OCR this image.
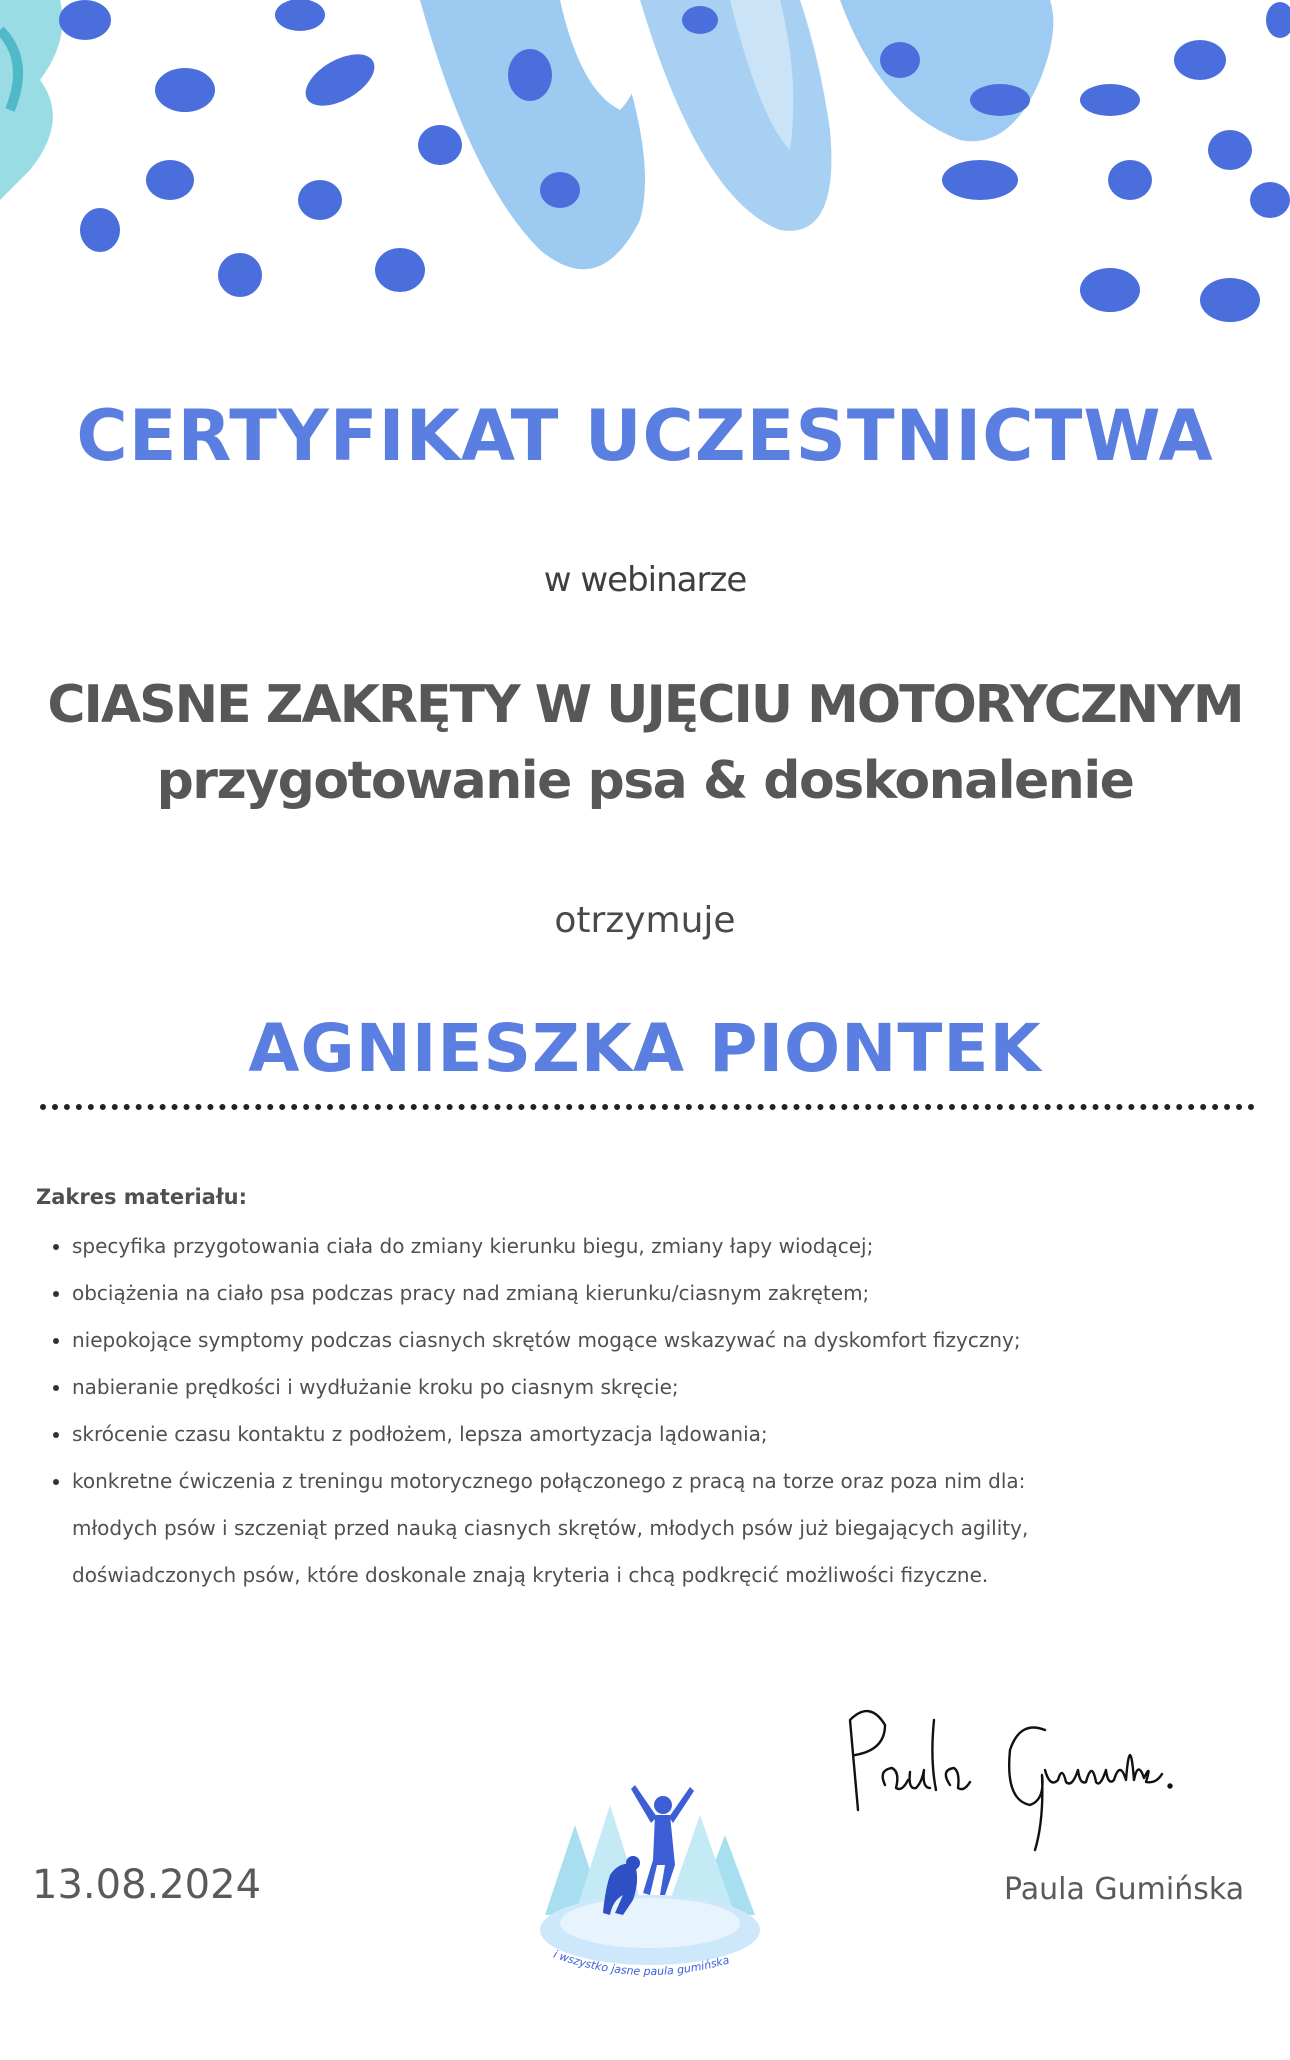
CERTYFIKAT UCZESTNICTWA
w webinarze
CIASNE ZAKRĘTY W UJĘCIU MOTORYCZNYM
przygotowanie psa & doskonalenie
otrzymuje
AGNIESZKA PIONTEK
Zakres materiału:
• specyfika przygotowania ciała do zmiany kierunku biegu, zmiany łapy wiodącej;
• obciążenia na ciało psa podczas pracy nad zmianą kierunku/ciasnym zakrętem;
• niepokojące symptomy podczas ciasnych skrętów mogące wskazywać na dyskomfort fizyczny;
• nabieranie prędkości i wydłużanie kroku po ciasnym skręcie;
• skrócenie czasu kontaktu z podłożem, lepsza amortyzacja lądowania;
• konkretne ćwiczenia z treningu motorycznego połączonego z pracą na torze oraz poza nim dla:
młodych psów i szczeniąt przed nauką ciasnych skrętów, młodych psów już biegających agility,
doświadczonych psów, które doskonale znają kryteria i chcą podkręcić możliwości fizyczne.
13.08.2024
i wszystko jasne paula gumińska
Paula Gumińska
